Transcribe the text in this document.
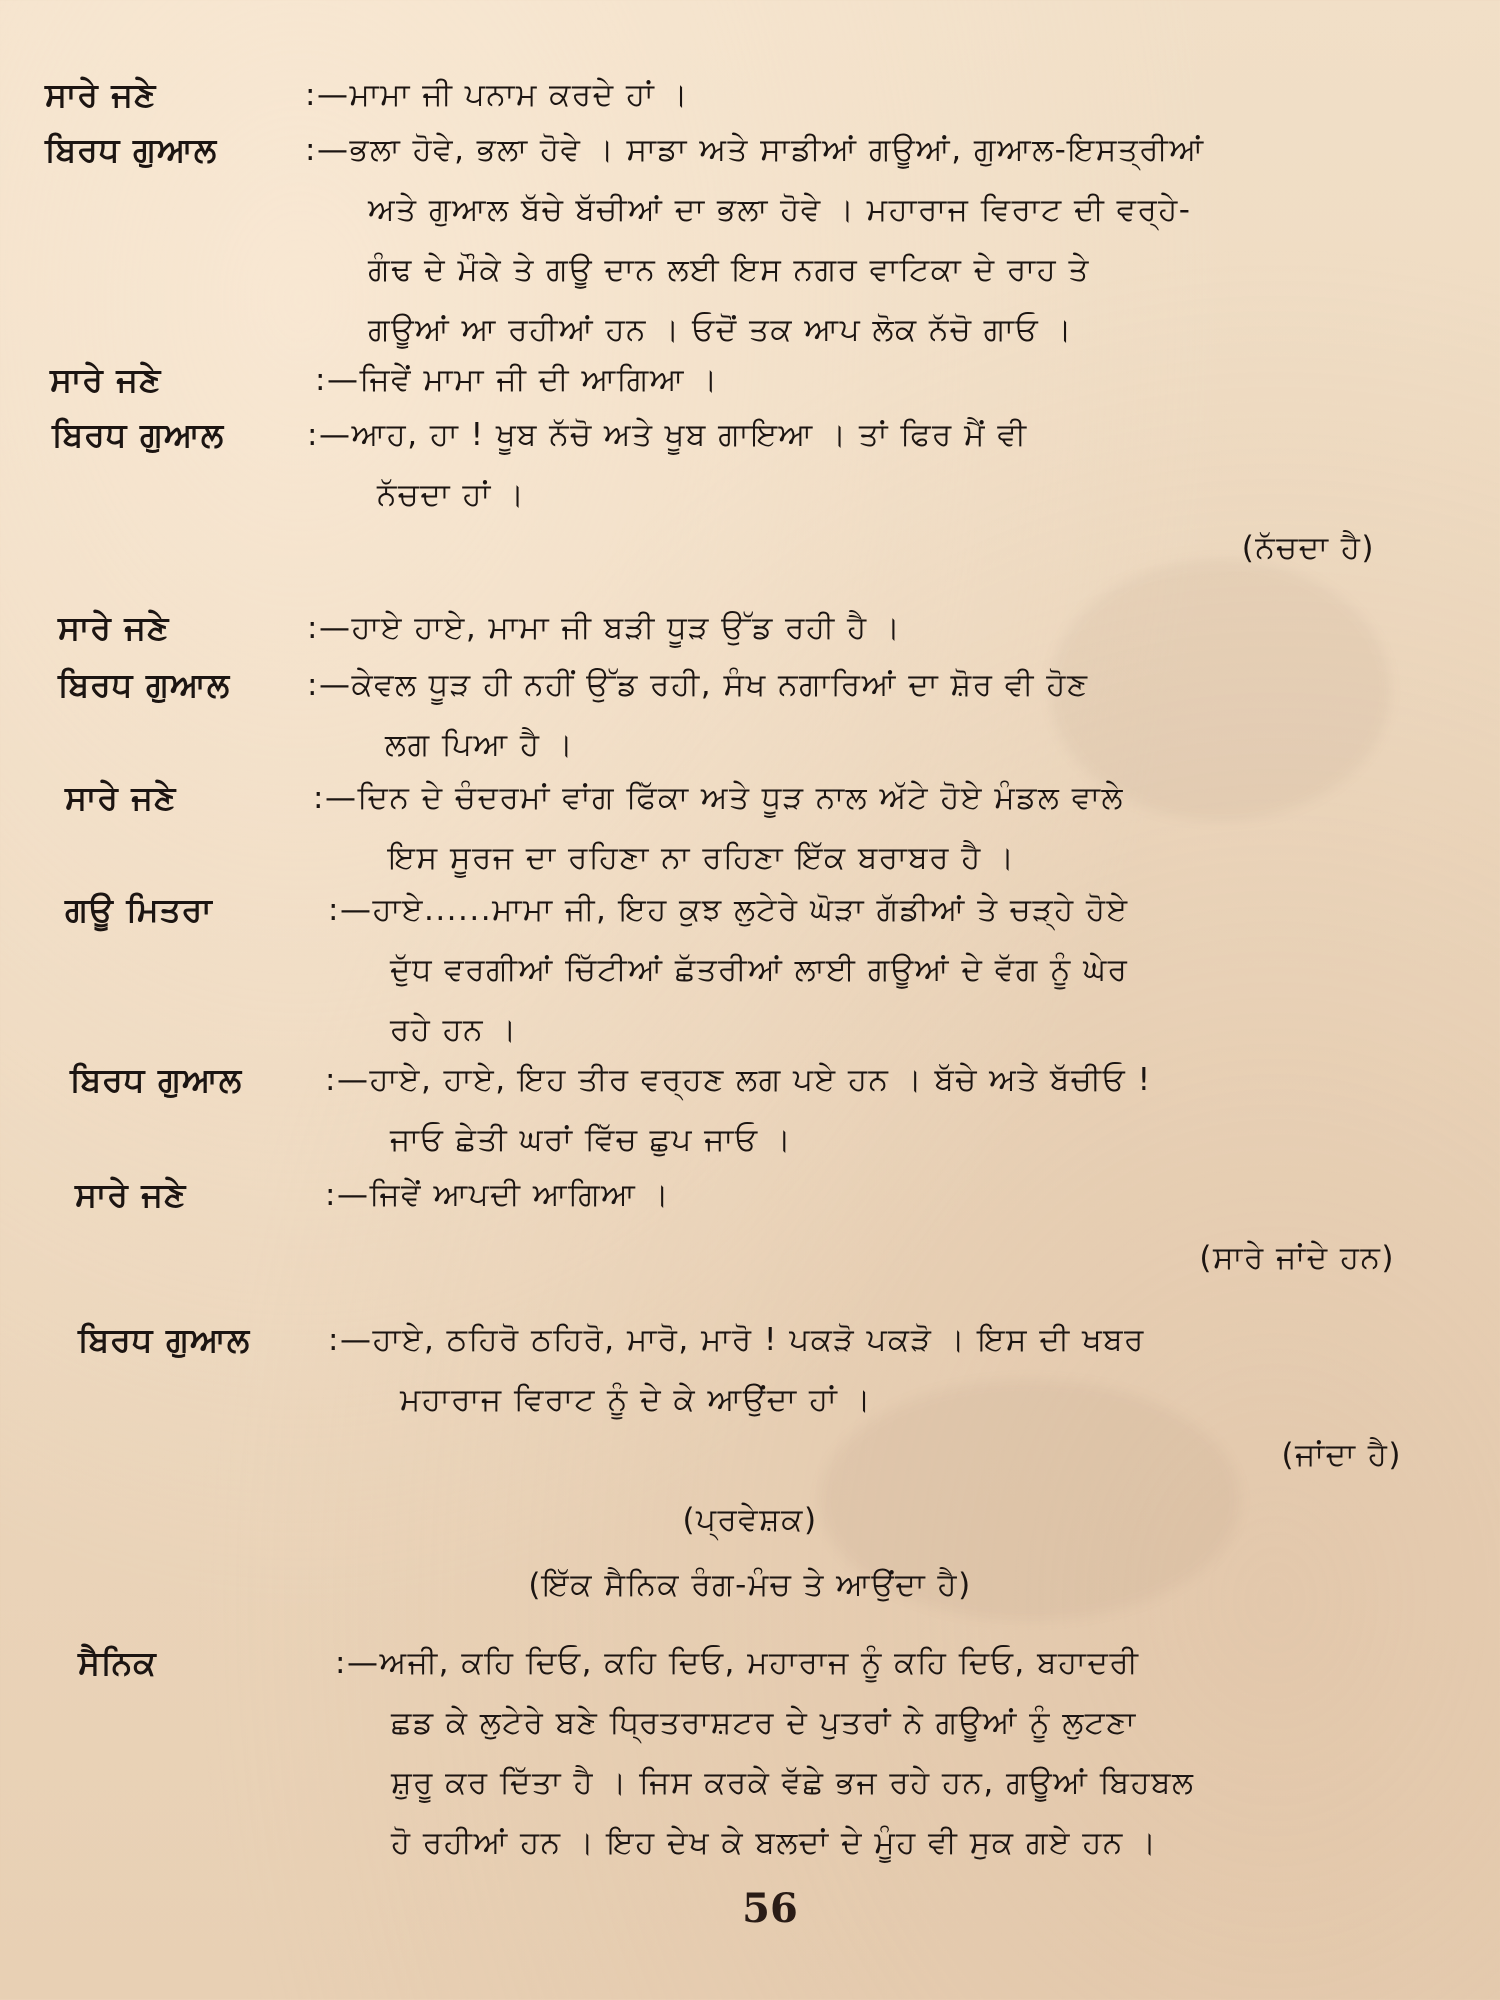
ਸਾਰੇ ਜਣੇ	:—ਮਾਮਾ ਜੀ ਪਨਾਮ ਕਰਦੇ ਹਾਂ ।
ਬਿਰਧ ਗੁਆਲ	:—ਭਲਾ ਹੋਵੇ, ਭਲਾ ਹੋਵੇ । ਸਾਡਾ ਅਤੇ ਸਾਡੀਆਂ ਗਊਆਂ, ਗੁਆਲ-ਇਸਤ੍ਰੀਆਂ
ਅਤੇ ਗੁਆਲ ਬੱਚੇ ਬੱਚੀਆਂ ਦਾ ਭਲਾ ਹੋਵੇ । ਮਹਾਰਾਜ ਵਿਰਾਟ ਦੀ ਵਰ੍ਹੇ-
ਗੰਢ ਦੇ ਮੌਕੇ ਤੇ ਗਊ ਦਾਨ ਲਈ ਇਸ ਨਗਰ ਵਾਟਿਕਾ ਦੇ ਰਾਹ ਤੇ
ਗਊਆਂ ਆ ਰਹੀਆਂ ਹਨ । ਓਦੋਂ ਤਕ ਆਪ ਲੋਕ ਨੱਚੋ ਗਾਓ ।
ਸਾਰੇ ਜਣੇ	:—ਜਿਵੇਂ ਮਾਮਾ ਜੀ ਦੀ ਆਗਿਆ ।
ਬਿਰਧ ਗੁਆਲ	:—ਆਹ, ਹਾ ! ਖੂਬ ਨੱਚੋ ਅਤੇ ਖੂਬ ਗਾਇਆ । ਤਾਂ ਫਿਰ ਮੈਂ ਵੀ
ਨੱਚਦਾ ਹਾਂ ।
(ਨੱਚਦਾ ਹੈ)
ਸਾਰੇ ਜਣੇ	:—ਹਾਏ ਹਾਏ, ਮਾਮਾ ਜੀ ਬੜੀ ਧੂੜ ਉੱਡ ਰਹੀ ਹੈ ।
ਬਿਰਧ ਗੁਆਲ :—ਕੇਵਲ ਧੂੜ ਹੀ ਨਹੀਂ ਉੱਡ ਰਹੀ, ਸੰਖ ਨਗਾਰਿਆਂ ਦਾ ਸ਼ੋਰ ਵੀ ਹੋਣ
ਲਗ ਪਿਆ ਹੈ ।
ਸਾਰੇ ਜਣੇ	:—ਦਿਨ ਦੇ ਚੰਦਰਮਾਂ ਵਾਂਗ ਫਿੱਕਾ ਅਤੇ ਧੂੜ ਨਾਲ ਅੱਟੇ ਹੋਏ ਮੰਡਲ ਵਾਲੇ
ਇਸ ਸੂਰਜ ਦਾ ਰਹਿਣਾ ਨਾ ਰਹਿਣਾ ਇੱਕ ਬਰਾਬਰ ਹੈ ।
ਗਊ ਮਿਤਰਾ	:—ਹਾਏ......ਮਾਮਾ ਜੀ, ਇਹ ਕੁਝ ਲੁਟੇਰੇ ਘੋੜਾ ਗੱਡੀਆਂ ਤੇ ਚੜ੍ਹੇ ਹੋਏ
ਦੁੱਧ ਵਰਗੀਆਂ ਚਿੱਟੀਆਂ ਛੱਤਰੀਆਂ ਲਾਈ ਗਊਆਂ ਦੇ ਵੱਗ ਨੂੰ ਘੇਰ
ਰਹੇ ਹਨ ।
ਬਿਰਧ ਗੁਆਲ	:—ਹਾਏ, ਹਾਏ, ਇਹ ਤੀਰ ਵਰ੍ਹਣ ਲਗ ਪਏ ਹਨ । ਬੱਚੇ ਅਤੇ ਬੱਚੀਓ !
ਜਾਓ ਛੇਤੀ ਘਰਾਂ ਵਿੱਚ ਛੁਪ ਜਾਓ ।
ਸਾਰੇ ਜਣੇ	:—ਜਿਵੇਂ ਆਪਦੀ ਆਗਿਆ ।
(ਸਾਰੇ ਜਾਂਦੇ ਹਨ)
ਬਿਰਧ ਗੁਆਲ	:—ਹਾਏ, ਠਹਿਰੋ ਠਹਿਰੋ, ਮਾਰੋ, ਮਾਰੋ ! ਪਕੜੋ ਪਕੜੋ । ਇਸ ਦੀ ਖਬਰ
ਮਹਾਰਾਜ ਵਿਰਾਟ ਨੂੰ ਦੇ ਕੇ ਆਉਂਦਾ ਹਾਂ ।
(ਜਾਂਦਾ ਹੈ)
(ਪ੍ਰਵੇਸ਼ਕ)
(ਇੱਕ ਸੈਨਿਕ ਰੰਗ-ਮੰਚ ਤੇ ਆਉਂਦਾ ਹੈ)
ਸੈਨਿਕ	:—ਅਜੀ, ਕਹਿ ਦਿਓ, ਕਹਿ ਦਿਓ, ਮਹਾਰਾਜ ਨੂੰ ਕਹਿ ਦਿਓ, ਬਹਾਦਰੀ
ਛਡ ਕੇ ਲੁਟੇਰੇ ਬਣੇ ਧ੍ਰਿਤਰਾਸ਼ਟਰ ਦੇ ਪੁਤਰਾਂ ਨੇ ਗਊਆਂ ਨੂੰ ਲੁਟਣਾ
ਸ਼ੁਰੂ ਕਰ ਦਿੱਤਾ ਹੈ । ਜਿਸ ਕਰਕੇ ਵੱਛੇ ਭਜ ਰਹੇ ਹਨ, ਗਊਆਂ ਬਿਹਬਲ
ਹੋ ਰਹੀਆਂ ਹਨ । ਇਹ ਦੇਖ ਕੇ ਬਲਦਾਂ ਦੇ ਮੂੰਹ ਵੀ ਸੁਕ ਗਏ ਹਨ ।
56
